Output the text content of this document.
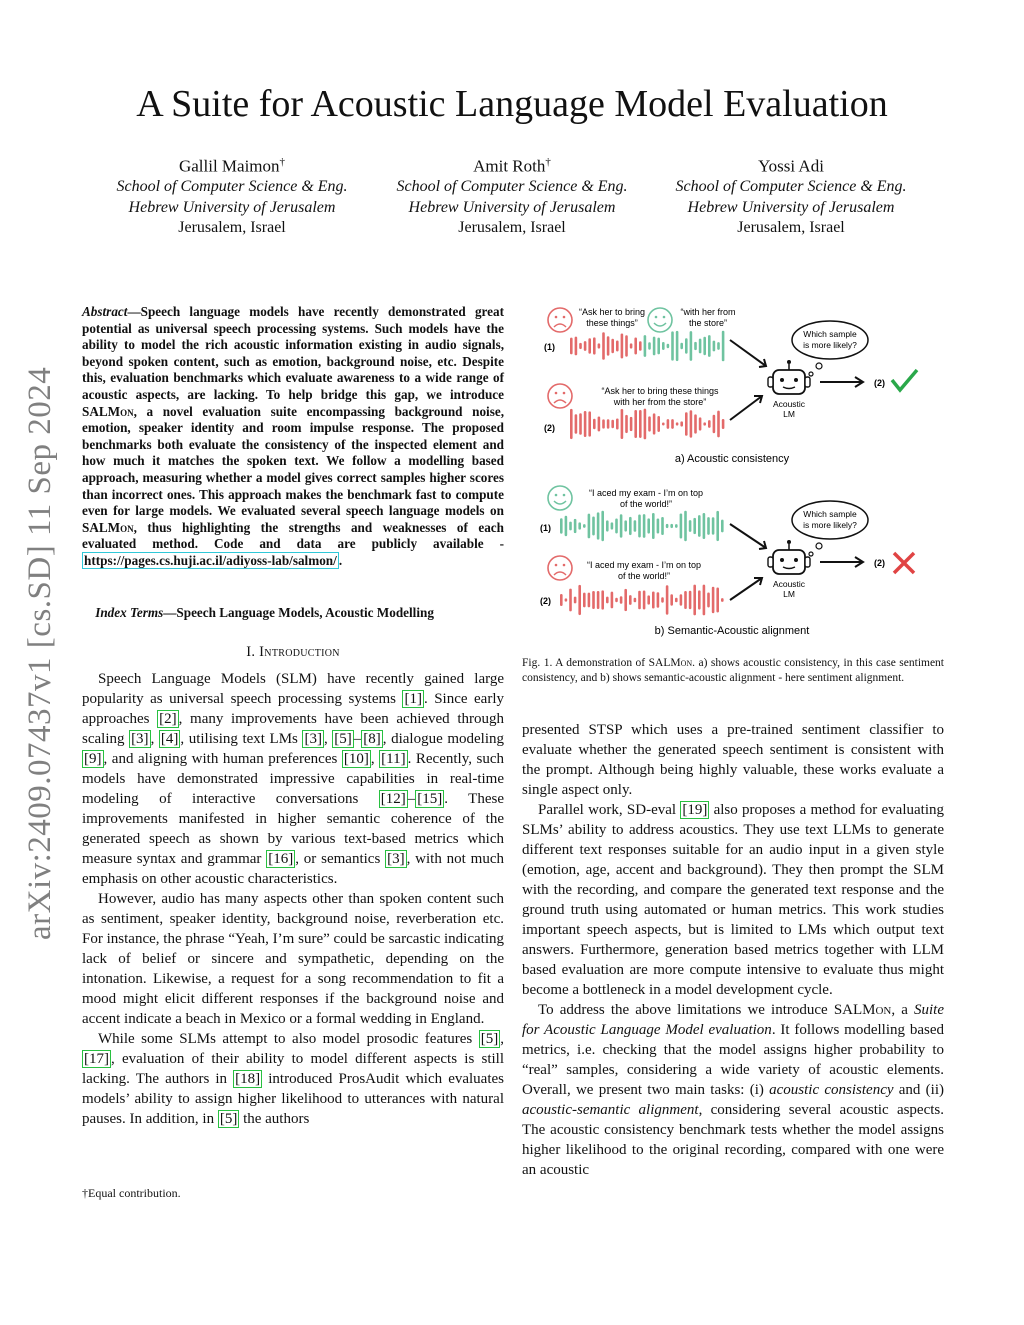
arXiv:2409.07437v1 [cs.SD] 11 Sep 2024
A Suite for Acoustic Language Model Evaluation
Gallil Maimon†
School of Computer Science & Eng.
Hebrew University of Jerusalem
Jerusalem, Israel
Amit Roth†
School of Computer Science & Eng.
Hebrew University of Jerusalem
Jerusalem, Israel
Yossi Adi
School of Computer Science & Eng.
Hebrew University of Jerusalem
Jerusalem, Israel
Abstract—Speech language models have recently demonstrated great potential as universal speech processing systems. Such models have the ability to model the rich acoustic information existing in audio signals, beyond spoken content, such as emotion, background noise, etc. Despite this, evaluation benchmarks which evaluate awareness to a wide range of acoustic aspects, are lacking. To help bridge this gap, we introduce SALMon, a novel evaluation suite encompassing background noise, emotion, speaker identity and room impulse response. The proposed benchmarks both evaluate the consistency of the inspected element and how much it matches the spoken text. We follow a modelling based approach, measuring whether a model gives correct samples higher scores than incorrect ones. This approach makes the benchmark fast to compute even for large models. We evaluated several speech language models on SALMon, thus highlighting the strengths and weaknesses of each evaluated method. Code and data are publicly available - https://pages.cs.huji.ac.il/adiyoss-lab/salmon/ .
Index Terms—Speech Language Models, Acoustic Modelling
I. Introduction

Speech Language Models (SLM) have recently gained large popularity as universal speech processing systems [1] . Since early approaches [2] , many improvements have been achieved through scaling [3] , [4] , utilising text LMs [3] , [5] – [8] , dialogue modeling [9] , and aligning with human preferences [10] , [11] . Recently, such models have demonstrated impressive capabilities in real-time modeling of interactive conversations [12] – [15] . These improvements manifested in higher semantic coherence of the generated speech as shown by various text-based metrics which measure syntax and grammar [16] , or semantics [3] , with not much emphasis on other acoustic characteristics.

However, audio has many aspects other than spoken content such as sentiment, speaker identity, background noise, reverberation etc. For instance, the phrase “Yeah, I’m sure” could be sarcastic indicating lack of belief or sincere and sympathetic, depending on the intonation. Likewise, a request for a song recommendation to fit a mood might elicit different responses if the background noise and accent indicate a beach in Mexico or a formal wedding in England.

While some SLMs attempt to also model prosodic features [5] , [17] , evaluation of their ability to model different aspects is still lacking. The authors in [18] introduced ProsAudit which evaluates models’ ability to assign higher likelihood to utterances with natural pauses. In addition, in [5] the authors

†Equal contribution.
“Ask her to bring
these things”
“with her from
the store”
(1)
“Ask her to bring these things
with her from the store”
(2)
Which sample
is more likely?
Acoustic
LM
(2)
a) Acoustic consistency
“I aced my exam - I’m on top
of the world!”
(1)
“I aced my exam - I’m on top
of the world!”
(2)
Which sample
is more likely?
Acoustic
LM
(2)
b) Semantic-Acoustic alignment
Fig. 1. A demonstration of SALMon. a) shows acoustic consistency, in this case sentiment consistency, and b) shows semantic-acoustic alignment - here sentiment alignment.

presented STSP which uses a pre-trained sentiment classifier to evaluate whether the generated speech sentiment is consistent with the prompt. Although being highly valuable, these works evaluate a single aspect only.

Parallel work, SD-eval [19] also proposes a method for evaluating SLMs’ ability to address acoustics. They use text LLMs to generate different text responses suitable for an audio input in a given style (emotion, age, accent and background). They then prompt the SLM with the recording, and compare the generated text response and the ground truth using automated or human metrics. This work studies important speech aspects, but is limited to LMs which output text answers. Furthermore, generation based metrics together with LLM based evaluation are more compute intensive to evaluate thus might become a bottleneck in a model development cycle.

To address the above limitations we introduce SALMon, a Suite for Acoustic Language Model evaluation. It follows modelling based metrics, i.e. checking that the model assigns higher probability to “real” samples, considering a wide variety of acoustic elements. Overall, we present two main tasks: (i) acoustic consistency and (ii) acoustic-semantic alignment, considering several acoustic aspects. The acoustic consistency benchmark tests whether the model assigns higher likelihood to the original recording, compared with one were an acoustic
